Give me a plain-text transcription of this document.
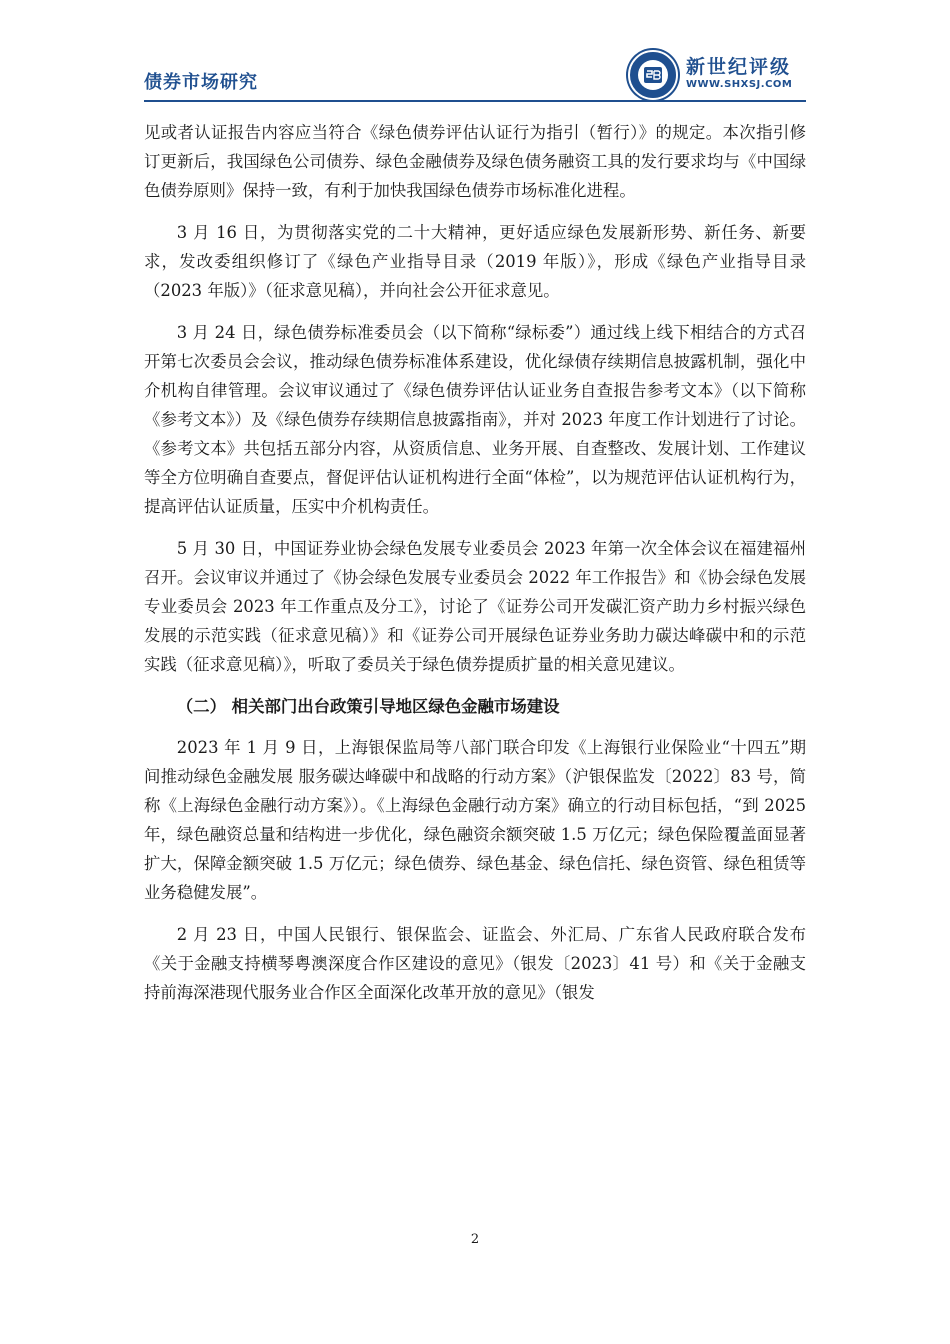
债券市场研究
新世纪评级
WWW.SHXSJ.COM

见或者认证报告内容应当符合《绿色债券评估认证行为指引（暂行）》的规定。本次指引修订更新后，我国绿色公司债券、绿色金融债券及绿色债务融资工具的发行要求均与《中国绿色债券原则》保持一致，有利于加快我国绿色债券市场标准化进程。

3 月 16 日，为贯彻落实党的二十大精神，更好适应绿色发展新形势、新任务、新要求，发改委组织修订了《绿色产业指导目录（2019 年版）》，形成《绿色产业指导目录（2023 年版）》（征求意见稿），并向社会公开征求意见。

3 月 24 日，绿色债券标准委员会（以下简称“绿标委”）通过线上线下相结合的方式召开第七次委员会会议，推动绿色债券标准体系建设，优化绿债存续期信息披露机制，强化中介机构自律管理。会议审议通过了《绿色债券评估认证业务自查报告参考文本》（以下简称《参考文本》）及《绿色债券存续期信息披露指南》，并对 2023 年度工作计划进行了讨论。《参考文本》共包括五部分内容，从资质信息、业务开展、自查整改、发展计划、工作建议等全方位明确自查要点，督促评估认证机构进行全面“体检”，以为规范评估认证机构行为，提高评估认证质量，压实中介机构责任。

5 月 30 日，中国证券业协会绿色发展专业委员会 2023 年第一次全体会议在福建福州召开。会议审议并通过了《协会绿色发展专业委员会 2022 年工作报告》和《协会绿色发展专业委员会 2023 年工作重点及分工》，讨论了《证券公司开发碳汇资产助力乡村振兴绿色发展的示范实践（征求意见稿）》和《证券公司开展绿色证券业务助力碳达峰碳中和的示范实践（征求意见稿）》，听取了委员关于绿色债券提质扩量的相关意见建议。

（二） 相关部门出台政策引导地区绿色金融市场建设

2023 年 1 月 9 日，上海银保监局等八部门联合印发《上海银行业保险业“十四五”期间推动绿色金融发展 服务碳达峰碳中和战略的行动方案》（沪银保监发〔2022〕83 号，简称《上海绿色金融行动方案》）。《上海绿色金融行动方案》确立的行动目标包括，“到 2025 年，绿色融资总量和结构进一步优化，绿色融资余额突破 1.5 万亿元；绿色保险覆盖面显著扩大，保障金额突破 1.5 万亿元；绿色债券、绿色基金、绿色信托、绿色资管、绿色租赁等业务稳健发展”。

2 月 23 日，中国人民银行、银保监会、证监会、外汇局、广东省人民政府联合发布《关于金融支持横琴粤澳深度合作区建设的意见》（银发〔2023〕41 号）和《关于金融支持前海深港现代服务业合作区全面深化改革开放的意见》（银发

2
